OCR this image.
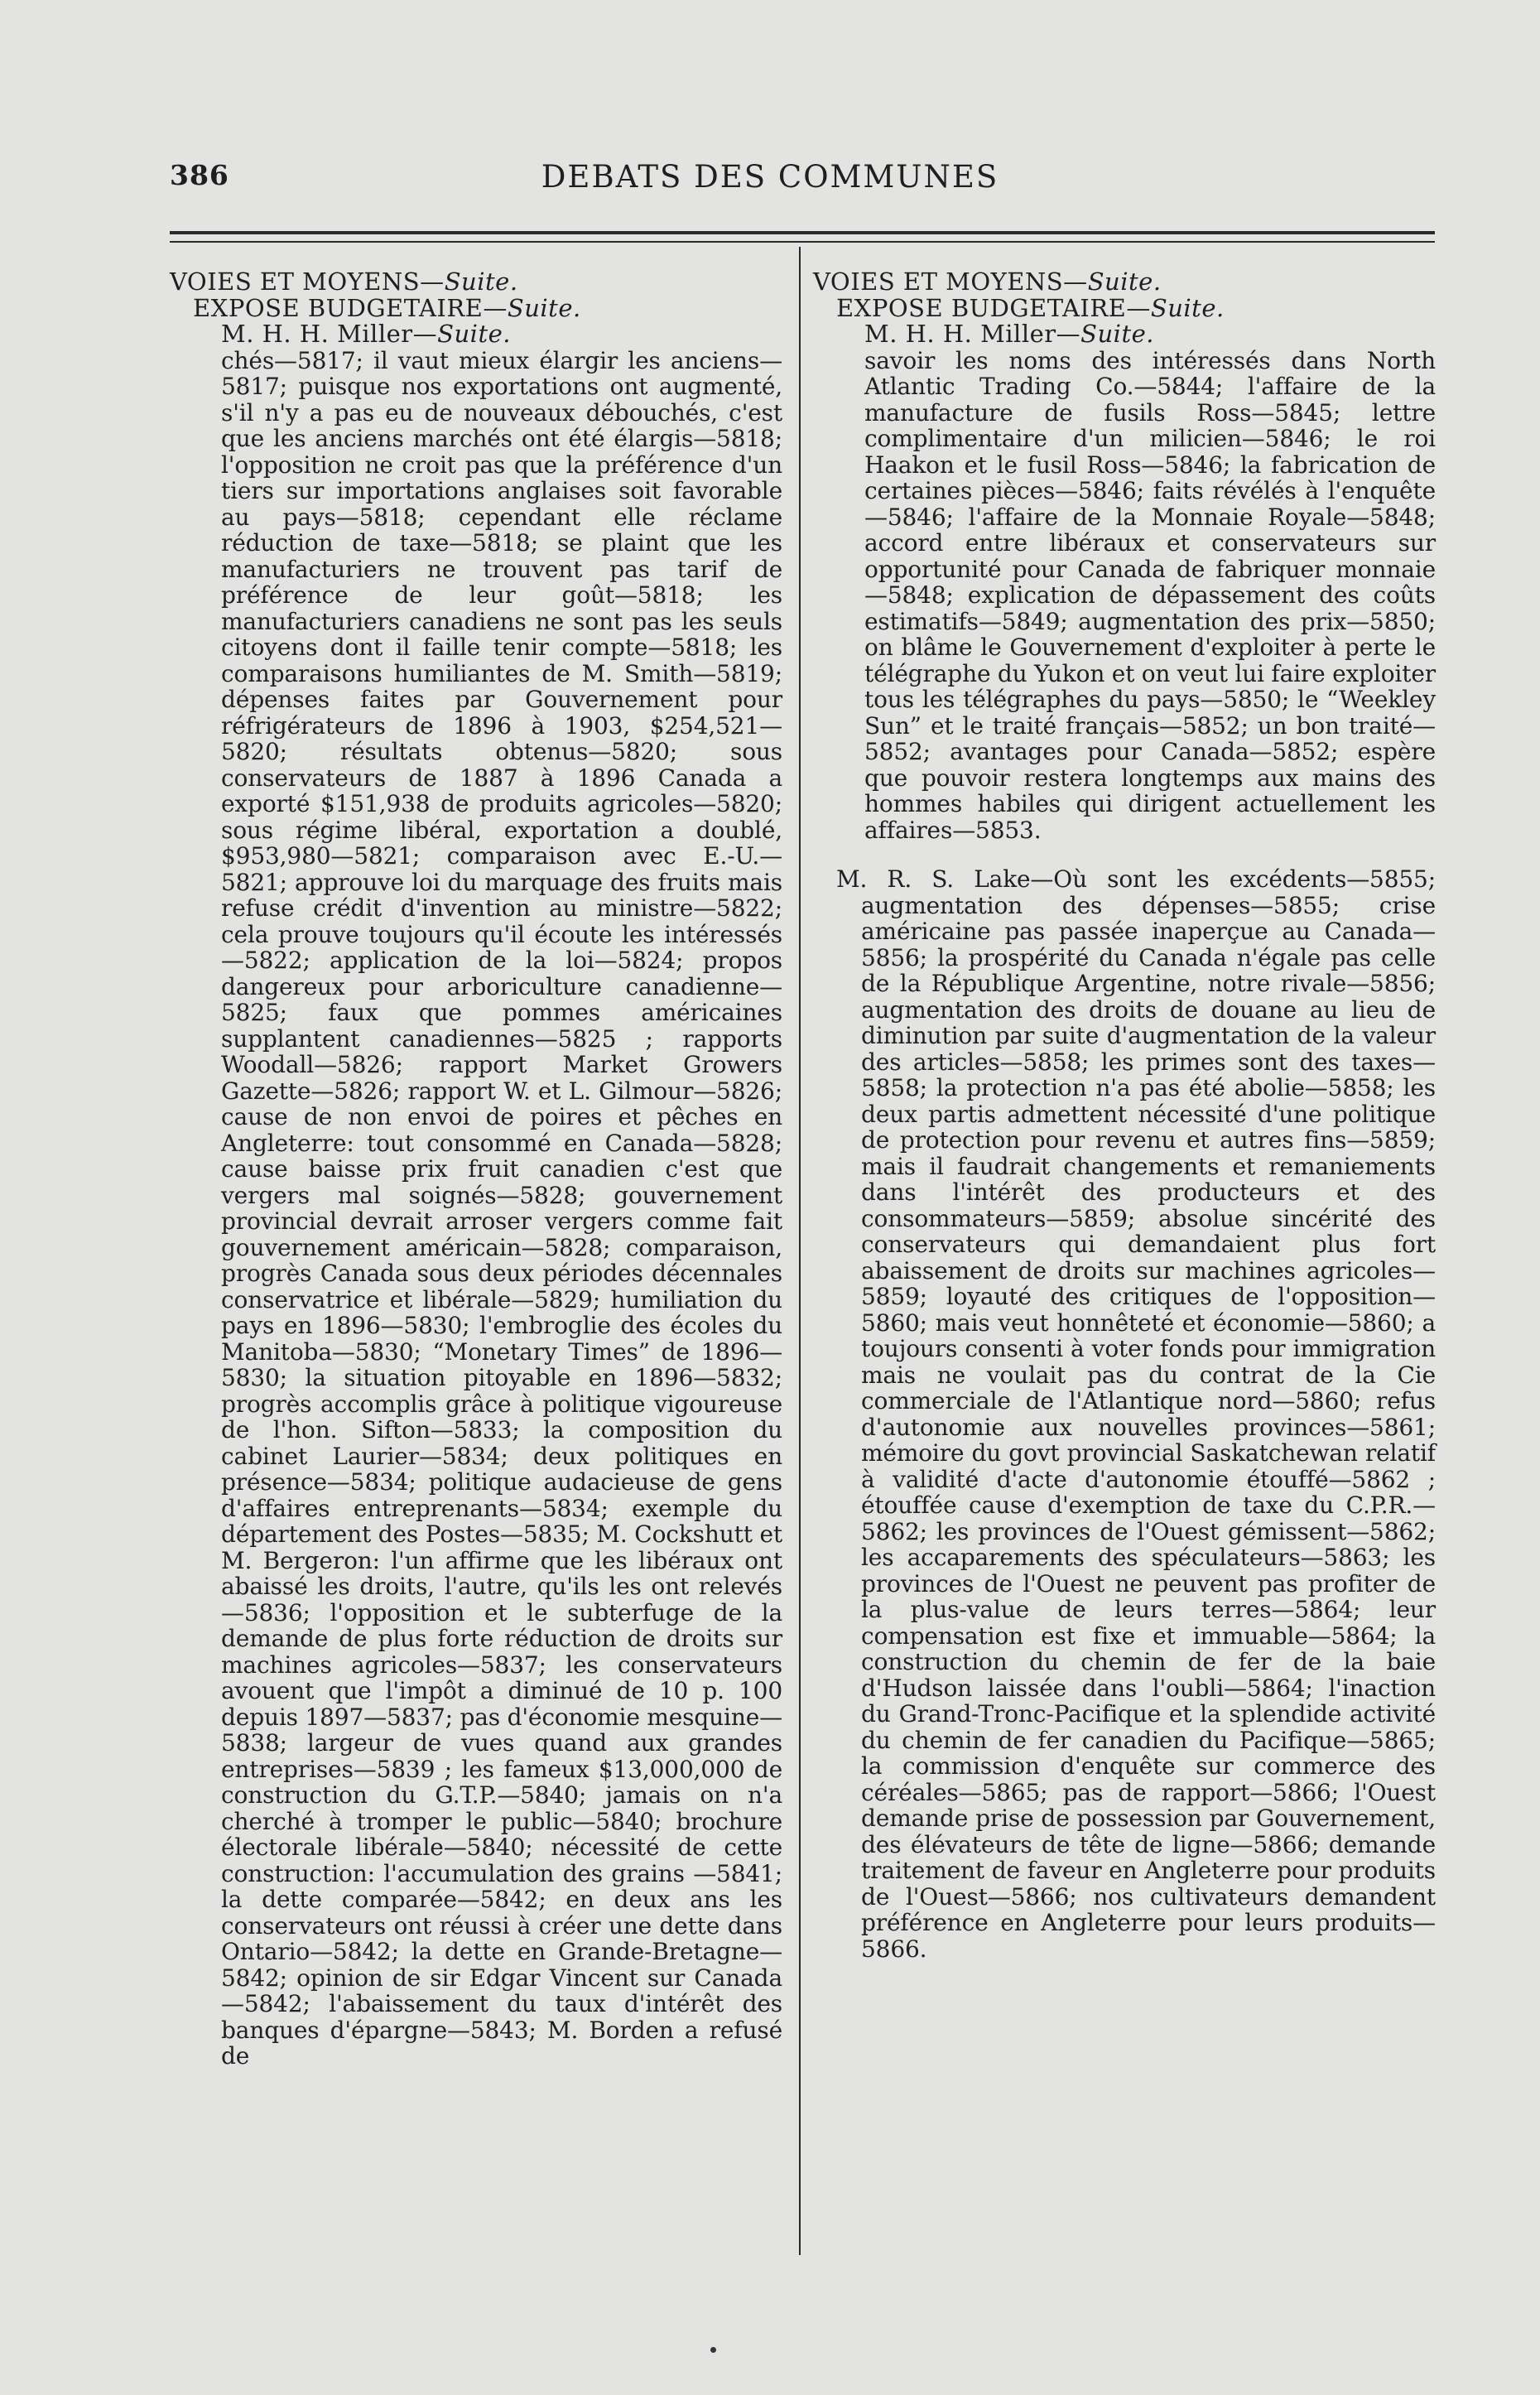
386	DEBATS DES COMMUNES
VOIES ET MOYENS—Suite.
EXPOSE BUDGETAIRE—Suite.
M. H. H. Miller—Suite.
chés—5817; il vaut mieux élargir les anciens—5817; puisque nos exportations ont augmenté, s'il n'y a pas eu de nouveaux débouchés, c'est que les anciens marchés ont été élargis—5818; l'opposition ne croit pas que la préférence d'un tiers sur importations anglaises soit favorable au pays—5818; cependant elle réclame réduction de taxe—5818; se plaint que les manufacturiers ne trouvent pas tarif de préférence de leur goût—5818; les manufacturiers canadiens ne sont pas les seuls citoyens dont il faille tenir compte—5818; les comparaisons humiliantes de M. Smith—5819; dépenses faites par Gouvernement pour réfrigérateurs de 1896 à 1903, $254,521—5820; résultats obtenus—5820; sous conservateurs de 1887 à 1896 Canada a exporté $151,938 de produits agricoles—5820; sous régime libéral, exportation a doublé, $953,980—5821; comparaison avec E.-U.—5821; approuve loi du marquage des fruits mais refuse crédit d'invention au ministre—5822; cela prouve toujours qu'il écoute les intéressés—5822; application de la loi—5824; propos dangereux pour arboriculture canadienne—5825; faux que pommes américaines supplantent canadiennes—5825 ; rapports Woodall—5826; rapport Market Growers Gazette—5826; rapport W. et L. Gilmour—5826; cause de non envoi de poires et pêches en Angleterre: tout consommé en Canada—5828; cause baisse prix fruit canadien c'est que vergers mal soignés—5828; gouvernement provincial devrait arroser vergers comme fait gouvernement américain—5828; comparaison, progrès Canada sous deux périodes décennales conservatrice et libérale—5829; humiliation du pays en 1896—5830; l'embroglie des écoles du Manitoba—5830; “Monetary Times” de 1896—5830; la situation pitoyable en 1896—5832; progrès accomplis grâce à politique vigoureuse de l'hon. Sifton—5833; la composition du cabinet Laurier—5834; deux politiques en présence—5834; politique audacieuse de gens d'affaires entreprenants—5834; exemple du département des Postes—5835; M. Cockshutt et M. Bergeron: l'un affirme que les libéraux ont abaissé les droits, l'autre, qu'ils les ont relevés—5836; l'opposition et le subterfuge de la demande de plus forte réduction de droits sur machines agricoles—5837; les conservateurs avouent que l'impôt a diminué de 10 p. 100 depuis 1897—5837; pas d'économie mesquine—5838; largeur de vues quand aux grandes entreprises—5839 ; les fameux $13,000,000 de construction du G.T.P.—5840; jamais on n'a cherché à tromper le public—5840; brochure électorale libérale—5840; nécessité de cette construction: l'accumulation des grains —5841; la dette comparée—5842; en deux ans les conservateurs ont réussi à créer une dette dans Ontario—5842; la dette en Grande-Bretagne—5842; opinion de sir Edgar Vincent sur Canada—5842; l'abaissement du taux d'intérêt des banques d'épargne—5843; M. Borden a refusé de
VOIES ET MOYENS—Suite.
EXPOSE BUDGETAIRE—Suite.
M. H. H. Miller—Suite.
savoir les noms des intéressés dans North Atlantic Trading Co.—5844; l'affaire de la manufacture de fusils Ross—5845; lettre complimentaire d'un milicien—5846; le roi Haakon et le fusil Ross—5846; la fabrication de certaines pièces—5846; faits révélés à l'enquête—5846; l'affaire de la Monnaie Royale—5848; accord entre libéraux et conservateurs sur opportunité pour Canada de fabriquer monnaie—5848; explication de dépassement des coûts estimatifs—5849; augmentation des prix—5850; on blâme le Gouvernement d'exploiter à perte le télégraphe du Yukon et on veut lui faire exploiter tous les télégraphes du pays—5850; le “Weekley Sun” et le traité français—5852; un bon traité—5852; avantages pour Canada—5852; espère que pouvoir restera longtemps aux mains des hommes habiles qui dirigent actuellement les affaires—5853.
M. R. S. Lake—Où sont les excédents—5855; augmentation des dépenses—5855; crise américaine pas passée inaperçue au Canada—5856; la prospérité du Canada n'égale pas celle de la République Argentine, notre rivale—5856; augmentation des droits de douane au lieu de diminution par suite d'augmentation de la valeur des articles—5858; les primes sont des taxes—5858; la protection n'a pas été abolie—5858; les deux partis admettent nécessité d'une politique de protection pour revenu et autres fins—5859; mais il faudrait changements et remaniements dans l'intérêt des producteurs et des consommateurs—5859; absolue sincérité des conservateurs qui demandaient plus fort abaissement de droits sur machines agricoles—5859; loyauté des critiques de l'opposition—5860; mais veut honnêteté et économie—5860; a toujours consenti à voter fonds pour immigration mais ne voulait pas du contrat de la Cie commerciale de l'Atlantique nord—5860; refus d'autonomie aux nouvelles provinces—5861; mémoire du govt provincial Saskatchewan relatif à validité d'acte d'autonomie étouffé—5862 ; étouffée cause d'exemption de taxe du C.P.R.—5862; les provinces de l'Ouest gémissent—5862; les accaparements des spéculateurs—5863; les provinces de l'Ouest ne peuvent pas profiter de la plus-value de leurs terres—5864; leur compensation est fixe et immuable—5864; la construction du chemin de fer de la baie d'Hudson laissée dans l'oubli—5864; l'inaction du Grand-Tronc-Pacifique et la splendide activité du chemin de fer canadien du Pacifique—5865; la commission d'enquête sur commerce des céréales—5865; pas de rapport—5866; l'Ouest demande prise de possession par Gouvernement, des élévateurs de tête de ligne—5866; demande traitement de faveur en Angleterre pour produits de l'Ouest—5866; nos cultivateurs demandent préférence en Angleterre pour leurs produits—5866.
